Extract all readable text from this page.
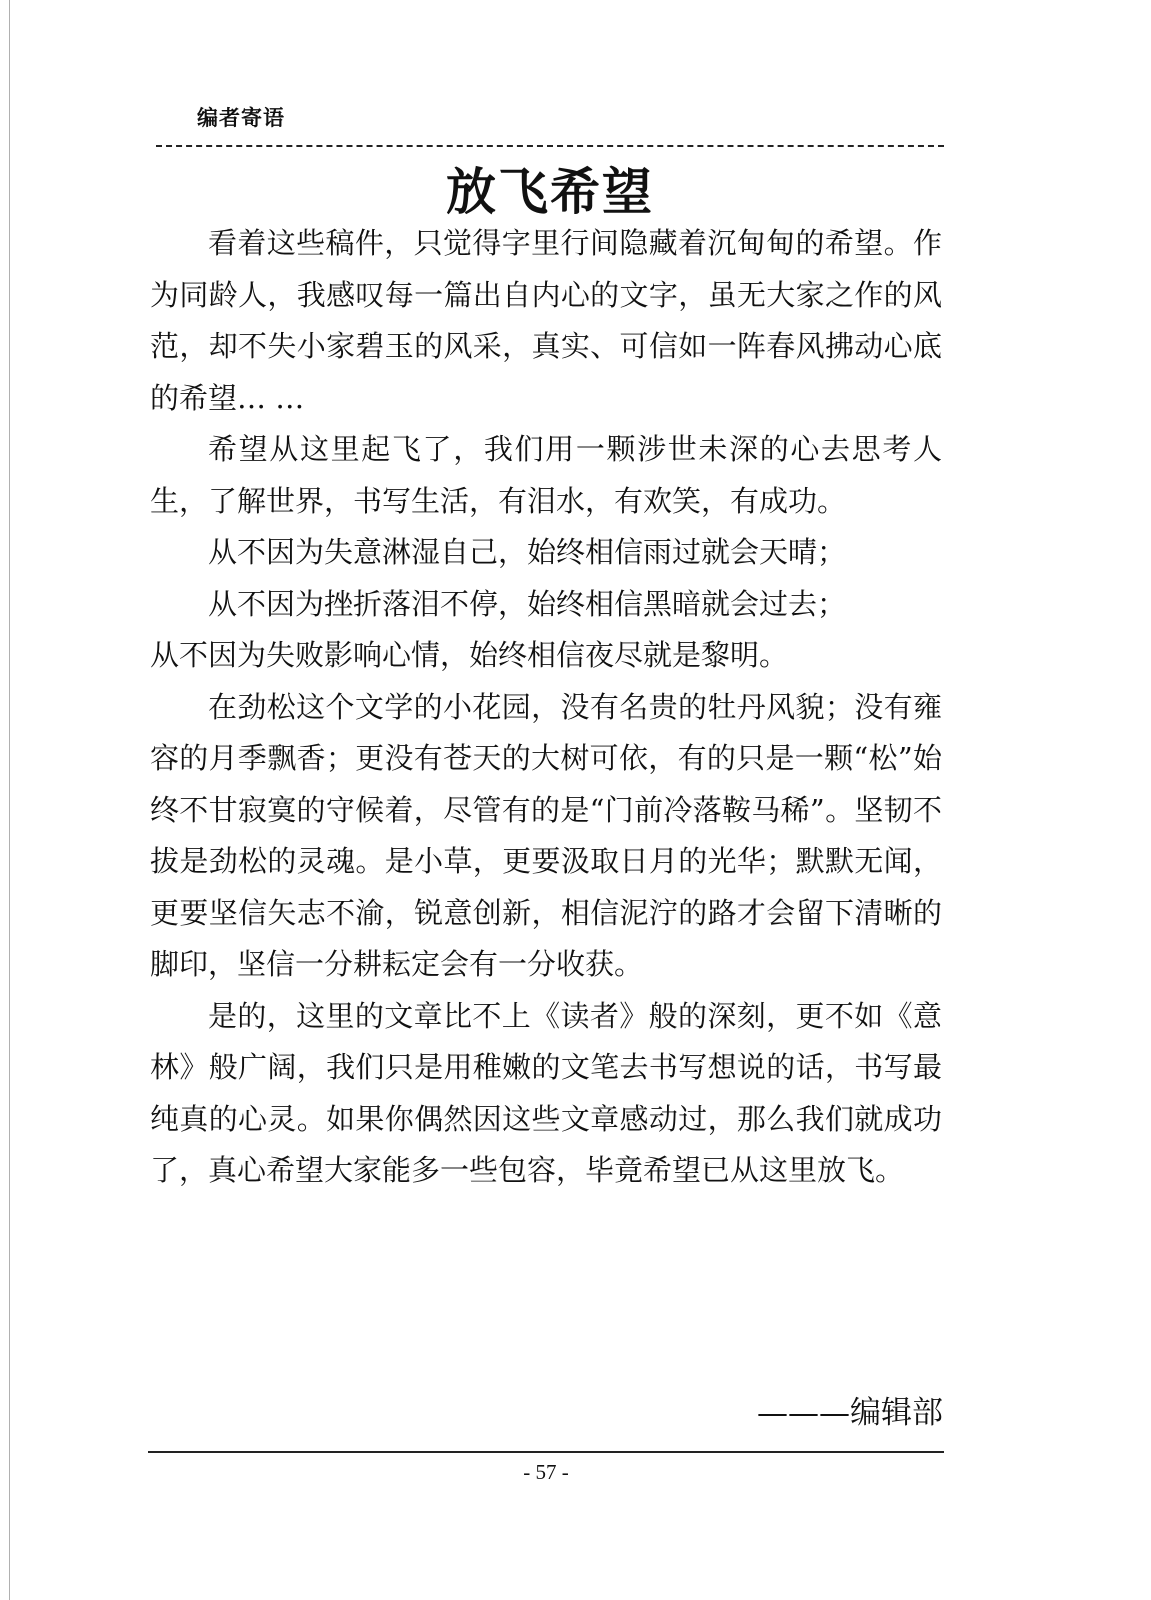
编者寄语

放飞希望

看着这些稿件，只觉得字里行间隐藏着沉甸甸的希望。作为同龄人，我感叹每一篇出自内心的文字，虽无大家之作的风范，却不失小家碧玉的风采，真实、可信如一阵春风拂动心底的希望… …

希望从这里起飞了，我们用一颗涉世未深的心去思考人生，了解世界，书写生活，有泪水，有欢笑，有成功。

从不因为失意淋湿自己，始终相信雨过就会天晴；

从不因为挫折落泪不停，始终相信黑暗就会过去；

从不因为失败影响心情，始终相信夜尽就是黎明。

在劲松这个文学的小花园，没有名贵的牡丹风貌；没有雍容的月季飘香；更没有苍天的大树可依，有的只是一颗“松”始终不甘寂寞的守候着，尽管有的是“门前冷落鞍马稀”。坚韧不拔是劲松的灵魂。是小草，更要汲取日月的光华；默默无闻，更要坚信矢志不渝，锐意创新，相信泥泞的路才会留下清晰的脚印，坚信一分耕耘定会有一分收获。

是的，这里的文章比不上《读者》般的深刻，更不如《意林》般广阔，我们只是用稚嫩的文笔去书写想说的话，书写最纯真的心灵。如果你偶然因这些文章感动过，那么我们就成功了，真心希望大家能多一些包容，毕竟希望已从这里放飞。

———编辑部

- 57 -
